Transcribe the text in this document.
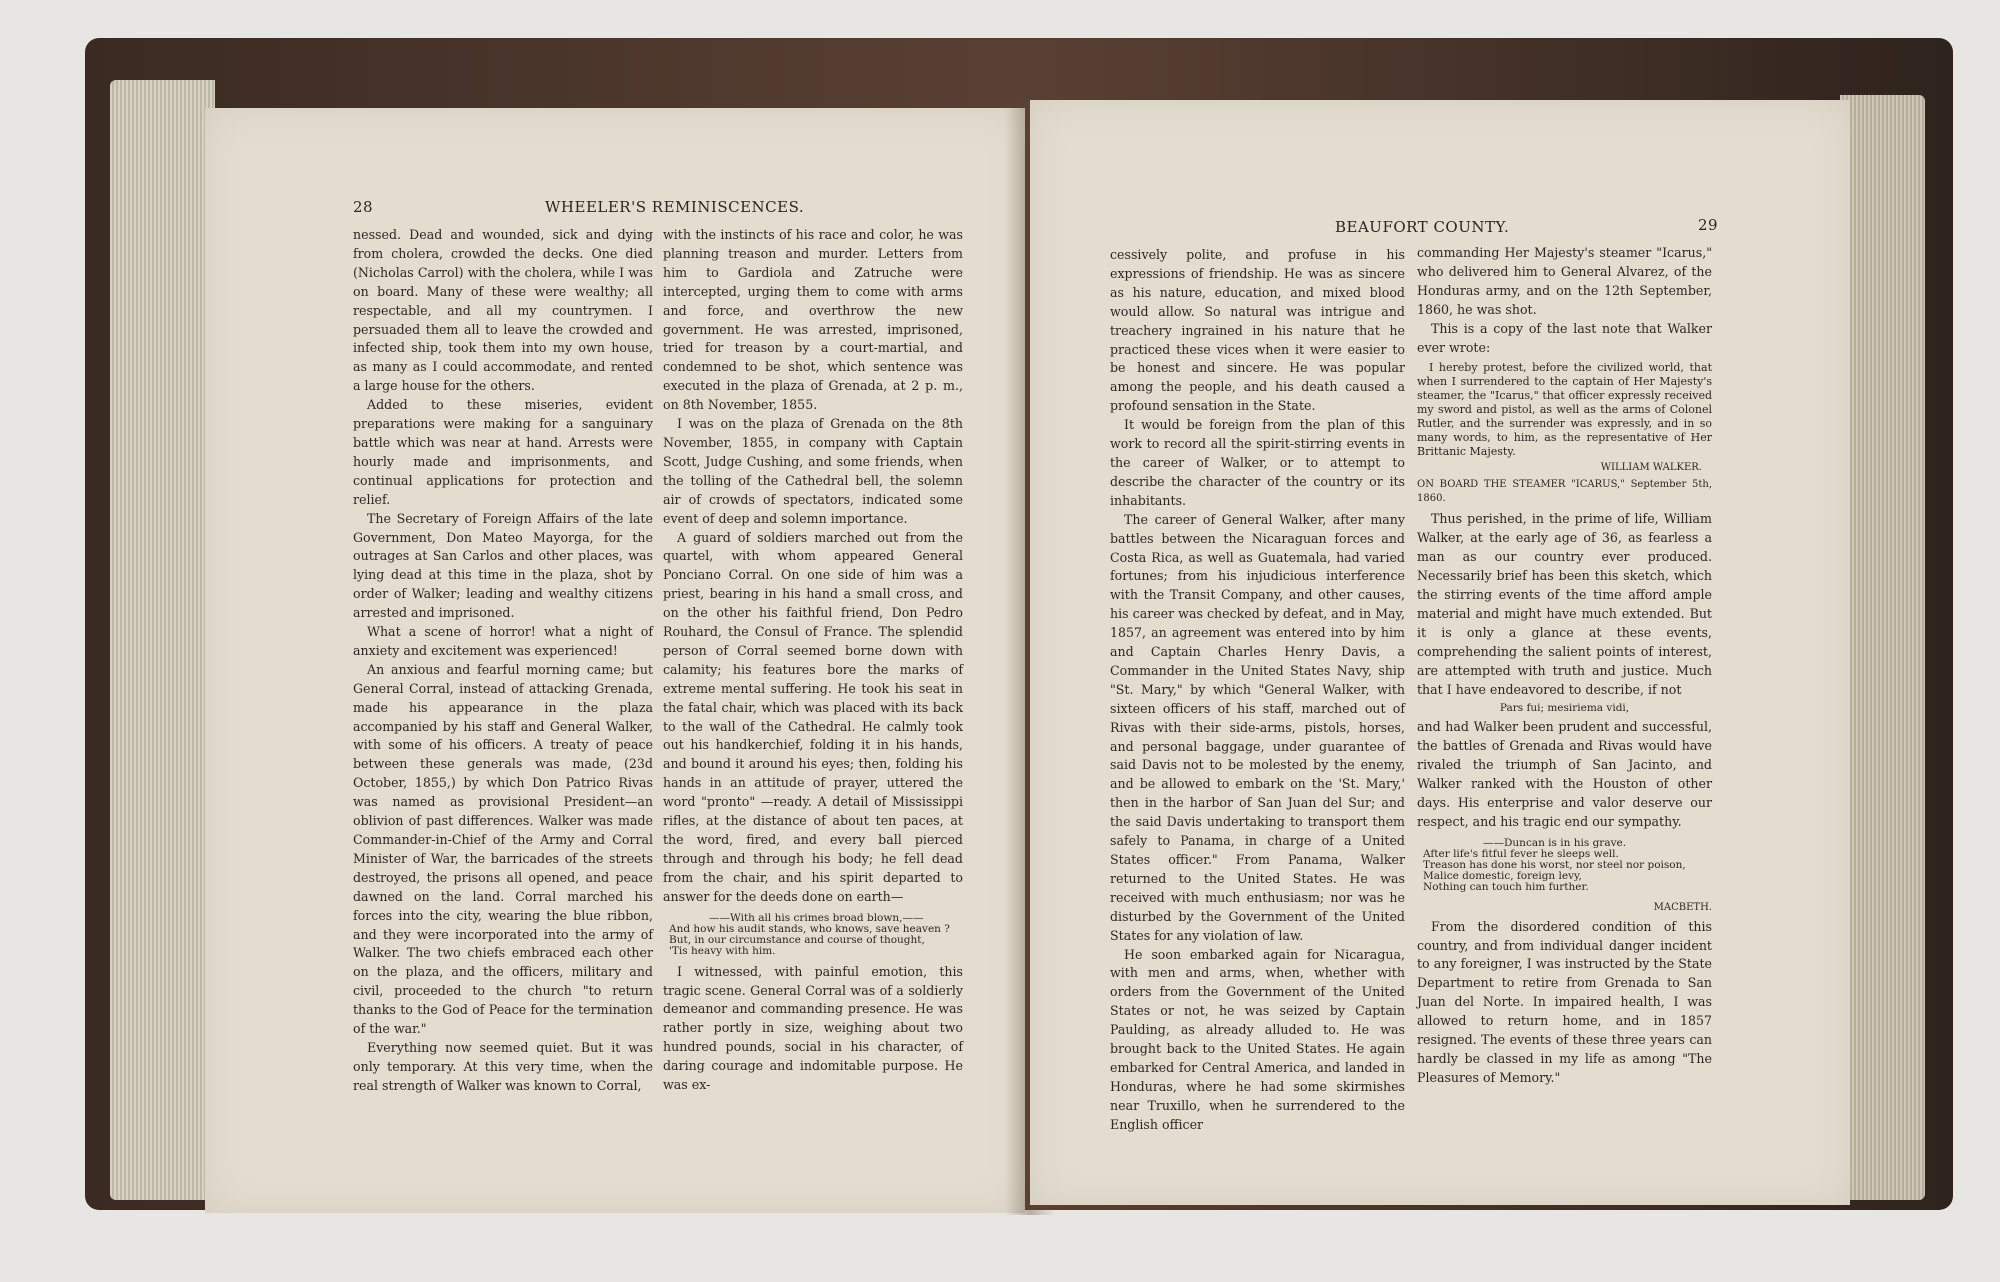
28	WHEELER'S REMINISCENCES.

nessed. Dead and wounded, sick and dying from cholera, crowded the decks. One died (Nicholas Carrol) with the cholera, while I was on board. Many of these were wealthy; all respectable, and all my countrymen. I persuaded them all to leave the crowded and infected ship, took them into my own house, as many as I could accommodate, and rented a large house for the others.

Added to these miseries, evident preparations were making for a sanguinary battle which was near at hand. Arrests were hourly made and imprisonments, and continual applications for protection and relief.

The Secretary of Foreign Affairs of the late Government, Don Mateo Mayorga, for the outrages at San Carlos and other places, was lying dead at this time in the plaza, shot by order of Walker; leading and wealthy citizens arrested and imprisoned.

What a scene of horror! what a night of anxiety and excitement was experienced!

An anxious and fearful morning came; but General Corral, instead of attacking Grenada, made his appearance in the plaza accompanied by his staff and General Walker, with some of his officers. A treaty of peace between these generals was made, (23d October, 1855,) by which Don Patrico Rivas was named as provisional President—an oblivion of past differences. Walker was made Commander-in-Chief of the Army and Corral Minister of War, the barricades of the streets destroyed, the prisons all opened, and peace dawned on the land. Corral marched his forces into the city, wearing the blue ribbon, and they were incorporated into the army of Walker. The two chiefs embraced each other on the plaza, and the officers, military and civil, proceeded to the church "to return thanks to the God of Peace for the termination of the war."

Everything now seemed quiet. But it was only temporary. At this very time, when the real strength of Walker was known to Corral,

with the instincts of his race and color, he was planning treason and murder. Letters from him to Gardiola and Zatruche were intercepted, urging them to come with arms and force, and overthrow the new government. He was arrested, imprisoned, tried for treason by a court-martial, and condemned to be shot, which sentence was executed in the plaza of Grenada, at 2 p. m., on 8th November, 1855.

I was on the plaza of Grenada on the 8th November, 1855, in company with Captain Scott, Judge Cushing, and some friends, when the tolling of the Cathedral bell, the solemn air of crowds of spectators, indicated some event of deep and solemn importance.

A guard of soldiers marched out from the quartel, with whom appeared General Ponciano Corral. On one side of him was a priest, bearing in his hand a small cross, and on the other his faithful friend, Don Pedro Rouhard, the Consul of France. The splendid person of Corral seemed borne down with calamity; his features bore the marks of extreme mental suffering. He took his seat in the fatal chair, which was placed with its back to the wall of the Cathedral. He calmly took out his handkerchief, folding it in his hands, and bound it around his eyes; then, folding his hands in an attitude of prayer, uttered the word "pronto" —ready. A detail of Mississippi rifles, at the distance of about ten paces, at the word, fired, and every ball pierced through and through his body; he fell dead from the chair, and his spirit departed to answer for the deeds done on earth—

——With all his crimes broad blown,——
And how his audit stands, who knows, save heaven ?
But, in our circumstance and course of thought,
'Tis heavy with him.

I witnessed, with painful emotion, this tragic scene. General Corral was of a soldierly demeanor and commanding presence. He was rather portly in size, weighing about two hundred pounds, social in his character, of daring courage and indomitable purpose. He was ex-

BEAUFORT COUNTY.	29

cessively polite, and profuse in his expressions of friendship. He was as sincere as his nature, education, and mixed blood would allow. So natural was intrigue and treachery ingrained in his nature that he practiced these vices when it were easier to be honest and sincere. He was popular among the people, and his death caused a profound sensation in the State.

It would be foreign from the plan of this work to record all the spirit-stirring events in the career of Walker, or to attempt to describe the character of the country or its inhabitants.

The career of General Walker, after many battles between the Nicaraguan forces and Costa Rica, as well as Guatemala, had varied fortunes; from his injudicious interference with the Transit Company, and other causes, his career was checked by defeat, and in May, 1857, an agreement was entered into by him and Captain Charles Henry Davis, a Commander in the United States Navy, ship "St. Mary," by which "General Walker, with sixteen officers of his staff, marched out of Rivas with their side-arms, pistols, horses, and personal baggage, under guarantee of said Davis not to be molested by the enemy, and be allowed to embark on the 'St. Mary,' then in the harbor of San Juan del Sur; and the said Davis undertaking to transport them safely to Panama, in charge of a United States officer." From Panama, Walker returned to the United States. He was received with much enthusiasm; nor was he disturbed by the Government of the United States for any violation of law.

He soon embarked again for Nicaragua, with men and arms, when, whether with orders from the Government of the United States or not, he was seized by Captain Paulding, as already alluded to. He was brought back to the United States. He again embarked for Central America, and landed in Honduras, where he had some skirmishes near Truxillo, when he surrendered to the English officer

commanding Her Majesty's steamer "Icarus," who delivered him to General Alvarez, of the Honduras army, and on the 12th September, 1860, he was shot.

This is a copy of the last note that Walker ever wrote:

I hereby protest, before the civilized world, that when I surrendered to the captain of Her Majesty's steamer, the "Icarus," that officer expressly received my sword and pistol, as well as the arms of Colonel Rutler, and the surrender was expressly, and in so many words, to him, as the representative of Her Brittanic Majesty.

WILLIAM WALKER.

ON BOARD THE STEAMER "ICARUS," September 5th, 1860.

Thus perished, in the prime of life, William Walker, at the early age of 36, as fearless a man as our country ever produced. Necessarily brief has been this sketch, which the stirring events of the time afford ample material and might have much extended. But it is only a glance at these events, comprehending the salient points of interest, are attempted with truth and justice. Much that I have endeavored to describe, if not

Pars fui; mesiriema vidi,

and had Walker been prudent and successful, the battles of Grenada and Rivas would have rivaled the triumph of San Jacinto, and Walker ranked with the Houston of other days. His enterprise and valor deserve our respect, and his tragic end our sympathy.

——Duncan is in his grave.
After life's fitful fever he sleeps well.
Treason has done his worst, nor steel nor poison,
Malice domestic, foreign levy,
Nothing can touch him further.

MACBETH.

From the disordered condition of this country, and from individual danger incident to any foreigner, I was instructed by the State Department to retire from Grenada to San Juan del Norte. In impaired health, I was allowed to return home, and in 1857 resigned. The events of these three years can hardly be classed in my life as among "The Pleasures of Memory."
